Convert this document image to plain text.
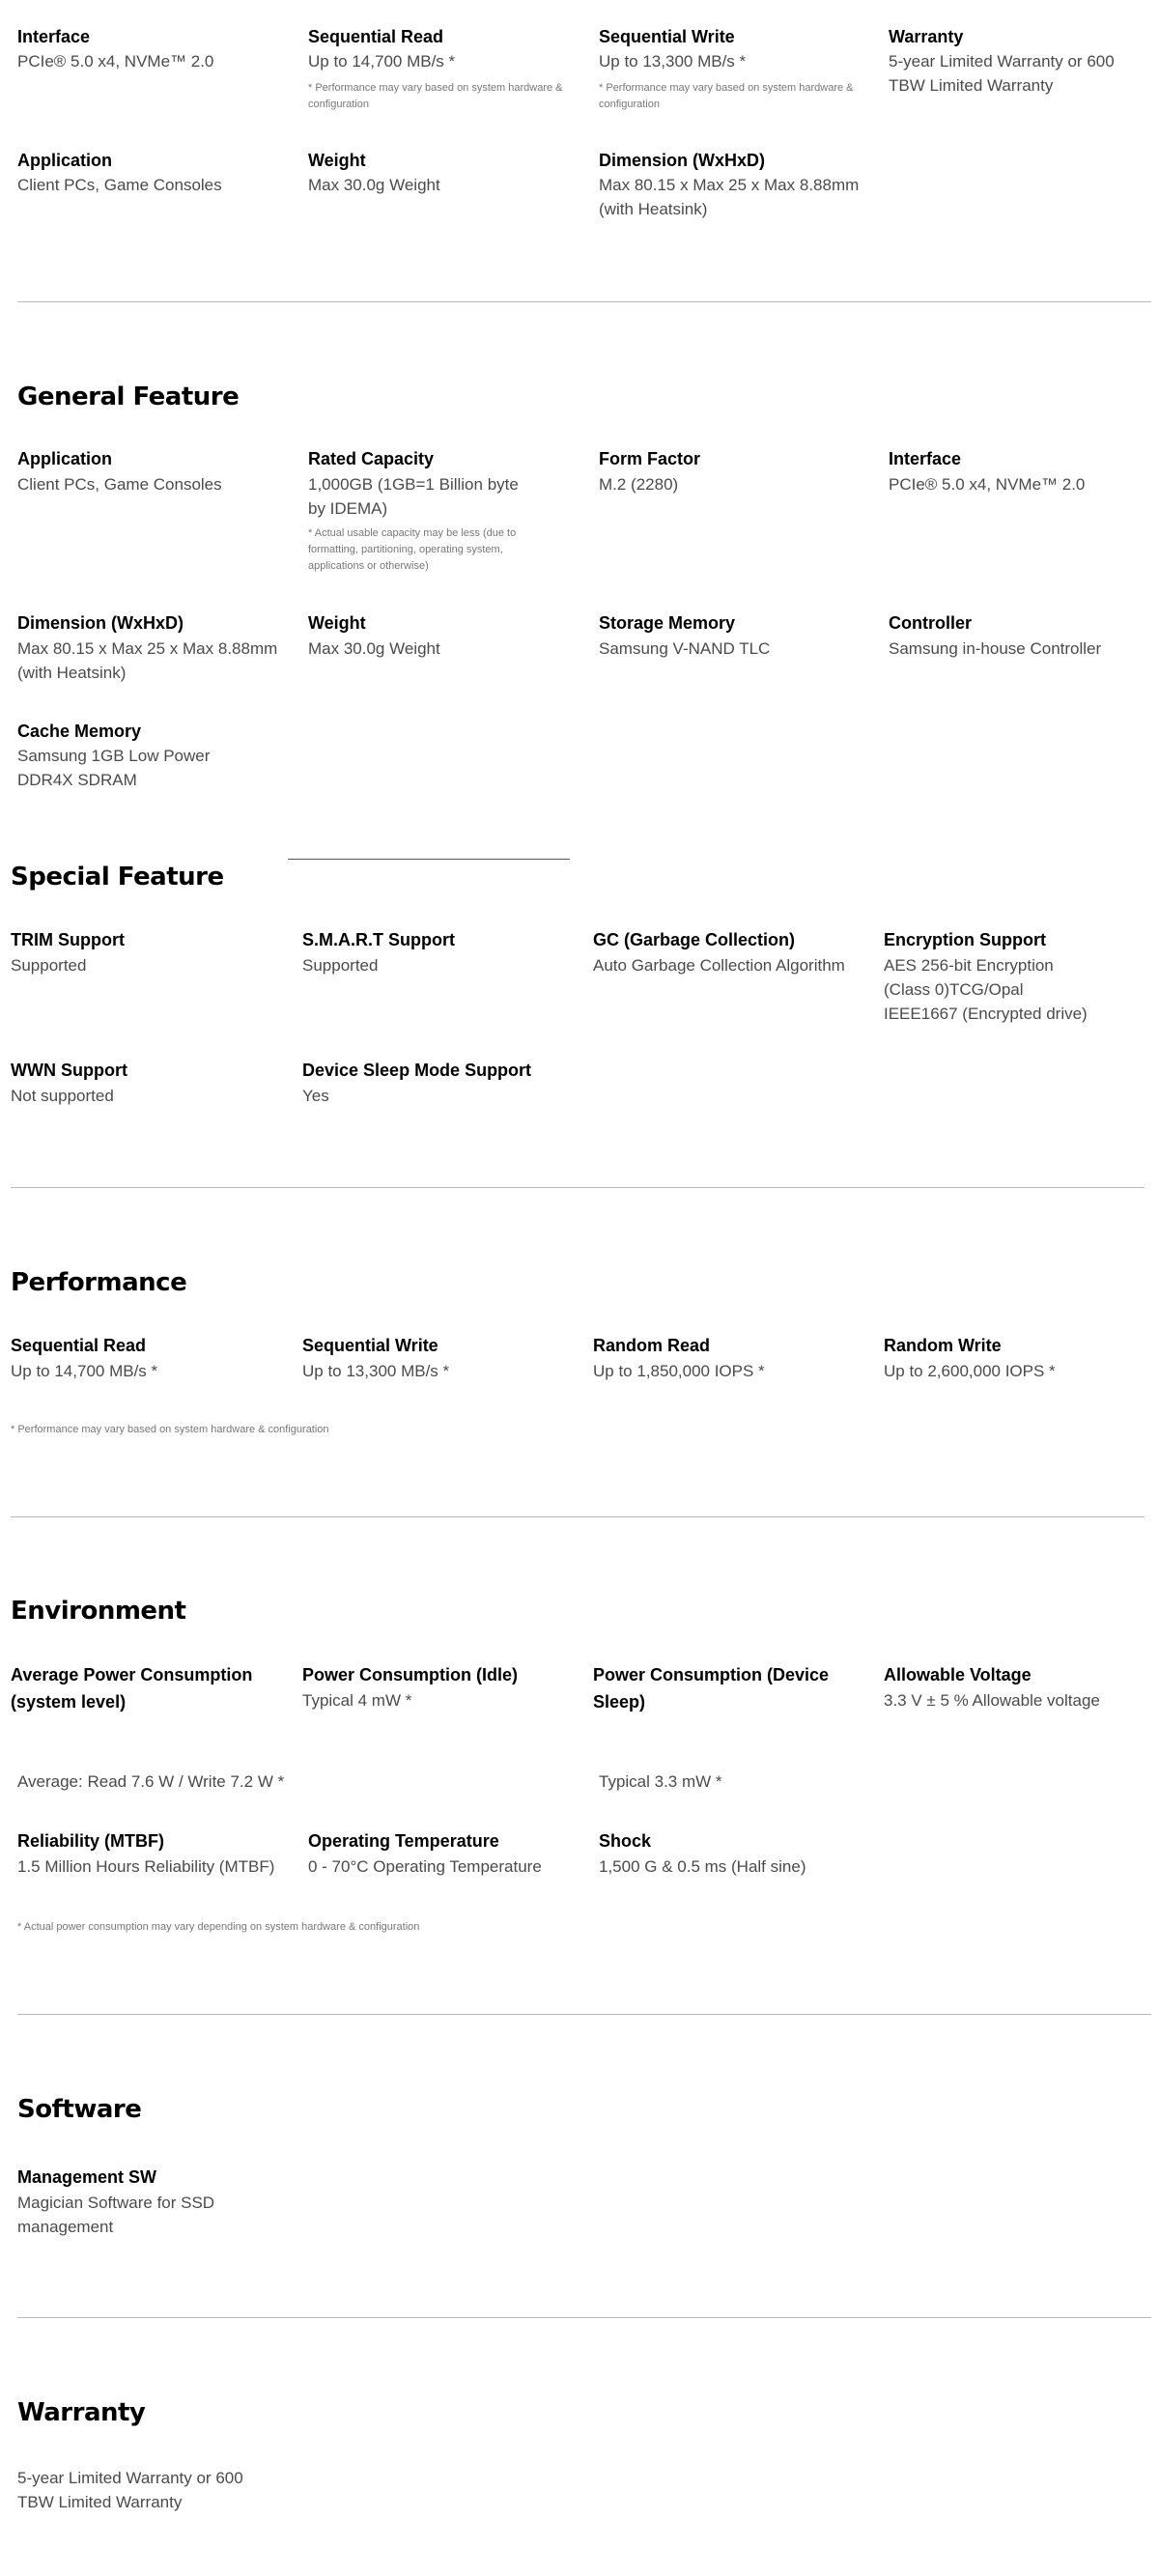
Interface
PCIe® 5.0 x4, NVMe™ 2.0
Sequential Read
Up to 14,700 MB/s *
* Performance may vary based on system hardware & configuration
Sequential Write
Up to 13,300 MB/s *
* Performance may vary based on system hardware & configuration
Warranty
5-year Limited Warranty or 600 TBW Limited Warranty
Application
Client PCs, Game Consoles
Weight
Max 30.0g Weight
Dimension (WxHxD)
Max 80.15 x Max 25 x Max 8.88mm (with Heatsink)
General Feature
Application
Client PCs, Game Consoles
Rated Capacity
1,000GB (1GB=1 Billion byte by IDEMA)
* Actual usable capacity may be less (due to formatting, partitioning, operating system, applications or otherwise)
Form Factor
M.2 (2280)
Interface
PCIe® 5.0 x4, NVMe™ 2.0
Dimension (WxHxD)
Max 80.15 x Max 25 x Max 8.88mm (with Heatsink)
Weight
Max 30.0g Weight
Storage Memory
Samsung V-NAND TLC
Controller
Samsung in-house Controller
Cache Memory
Samsung 1GB Low Power DDR4X SDRAM
Special Feature
TRIM Support
Supported
S.M.A.R.T Support
Supported
GC (Garbage Collection)
Auto Garbage Collection Algorithm
Encryption Support
AES 256-bit Encryption (Class 0)TCG/Opal IEEE1667 (Encrypted drive)
WWN Support
Not supported
Device Sleep Mode Support
Yes
Performance
Sequential Read
Up to 14,700 MB/s *
Sequential Write
Up to 13,300 MB/s *
Random Read
Up to 1,850,000 IOPS *
Random Write
Up to 2,600,000 IOPS *
* Performance may vary based on system hardware & configuration
Environment
Average Power Consumption (system level)
Average: Read 7.6 W / Write 7.2 W *
Power Consumption (Idle)
Typical 4 mW *
Power Consumption (Device Sleep)
Typical 3.3 mW *
Allowable Voltage
3.3 V ± 5 % Allowable voltage
Reliability (MTBF)
1.5 Million Hours Reliability (MTBF)
Operating Temperature
0 - 70°C Operating Temperature
Shock
1,500 G & 0.5 ms (Half sine)
* Actual power consumption may vary depending on system hardware & configuration
Software
Management SW
Magician Software for SSD management
Warranty
5-year Limited Warranty or 600 TBW Limited Warranty
